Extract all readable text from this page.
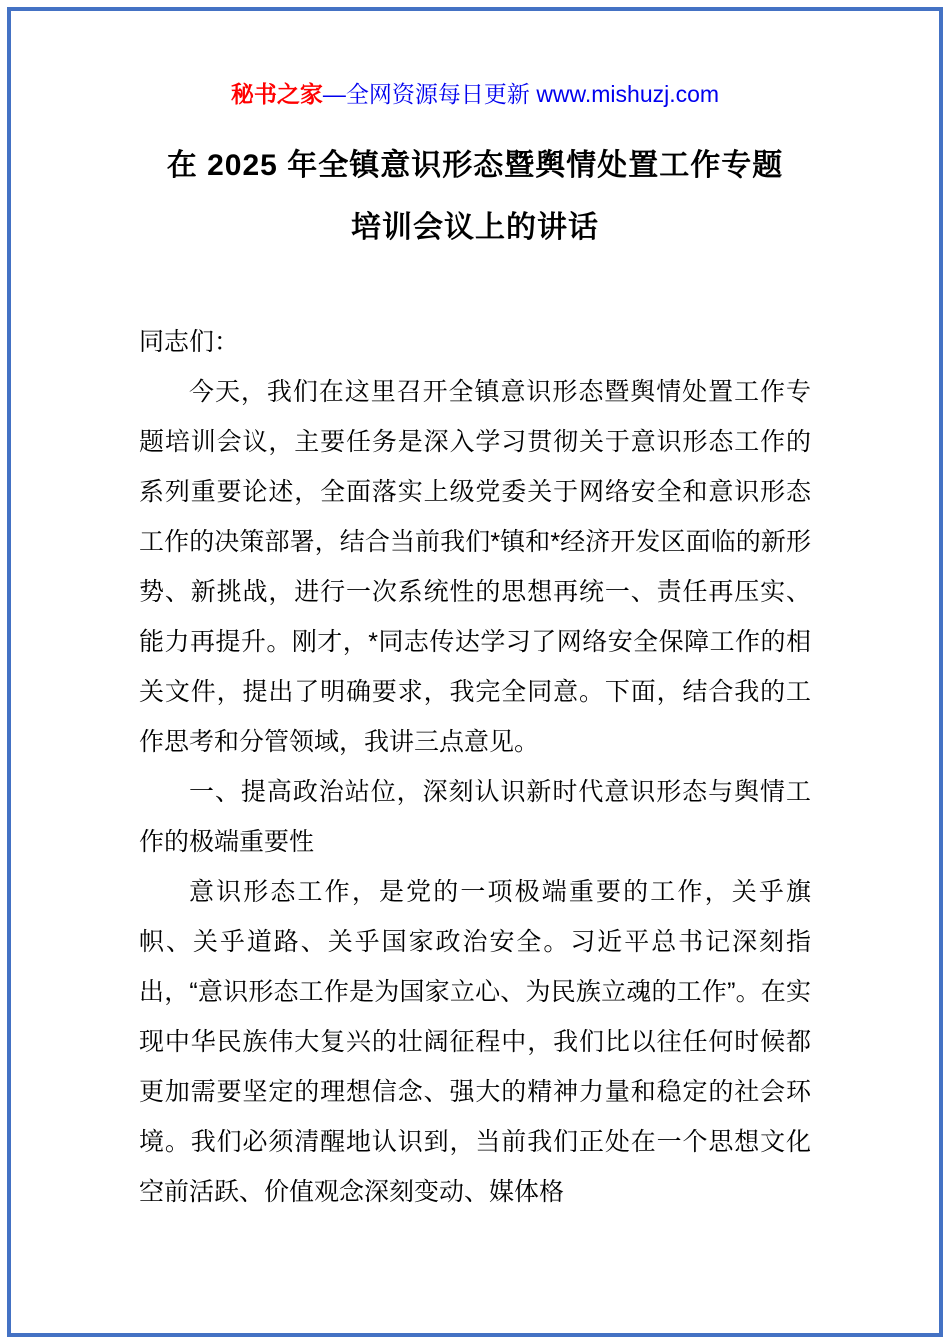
秘书之家—全网资源每日更新 www.mishuzj.com
在 2025 年全镇意识形态暨舆情处置工作专题
培训会议上的讲话

同志们：

今天，我们在这里召开全镇意识形态暨舆情处置工作专题培训会议，主要任务是深入学习贯彻关于意识形态工作的系列重要论述，全面落实上级党委关于网络安全和意识形态工作的决策部署，结合当前我们*镇和*经济开发区面临的新形势、新挑战，进行一次系统性的思想再统一、责任再压实、能力再提升。刚才，*同志传达学习了网络安全保障工作的相关文件，提出了明确要求，我完全同意。下面，结合我的工作思考和分管领域，我讲三点意见。

一、提高政治站位，深刻认识新时代意识形态与舆情工作的极端重要性

意识形态工作，是党的一项极端重要的工作，关乎旗帜、关乎道路、关乎国家政治安全。习近平总书记深刻指出，“意识形态工作是为国家立心、为民族立魂的工作”。在实现中华民族伟大复兴的壮阔征程中，我们比以往任何时候都更加需要坚定的理想信念、强大的精神力量和稳定的社会环境。我们必须清醒地认识到，当前我们正处在一个思想文化空前活跃、价值观念深刻变动、媒体格
